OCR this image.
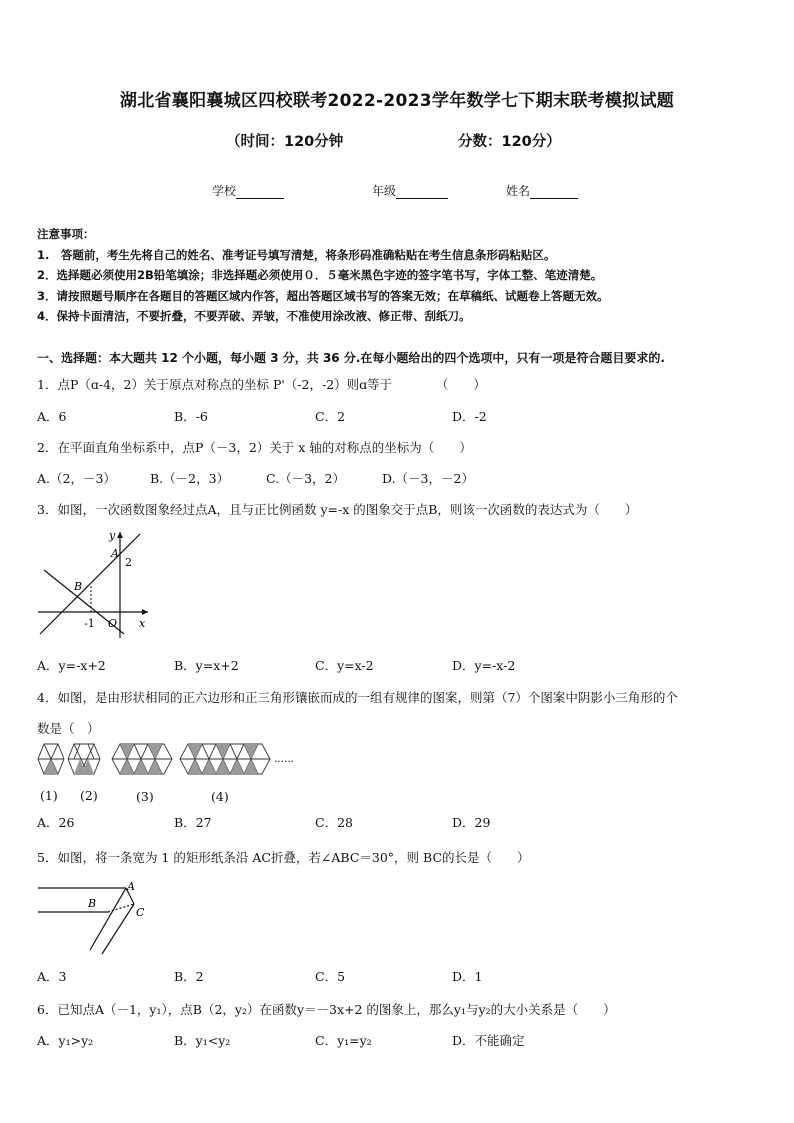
湖北省襄阳襄城区四校联考2022-2023学年数学七下期末联考模拟试题
（时间：120分钟	分数：120分）
学校	年级	姓名
注意事项：
1.　答题前，考生先将自己的姓名、准考证号填写清楚，将条形码准确粘贴在考生信息条形码粘贴区。
2．选择题必须使用2B铅笔填涂；非选择题必须使用０．５毫米黑色字迹的签字笔书写，字体工整、笔迹清楚。
3．请按照题号顺序在各题目的答题区域内作答，超出答题区域书写的答案无效；在草稿纸、试题卷上答题无效。
4．保持卡面清洁，不要折叠，不要弄破、弄皱，不准使用涂改液、修正带、刮纸刀。
一、选择题：本大题共 12 个小题，每小题 3 分，共 36 分.在每小题给出的四个选项中，只有一项是符合题目要求的.
1．点P（ɑ-4，2）关于原点对称点的坐标 P'（-2，-2）则ɑ等于　　　　（　　）
A．6	B．-6	C．2	D．-2
2．在平面直角坐标系中，点P（－3，2）关于 x 轴的对称点的坐标为（　　）
A.（2，－3）	B.（－2，3）	C.（－3，2）	D.（－3，－2）
3．如图，一次函数图象经过点A，且与正比例函数 y=-x 的图象交于点B，则该一次函数的表达式为（　　）
y
A
2
B
-1 O x
A．y=-x+2	B．y=x+2	C．y=x-2	D．y=-x-2
4．如图，是由形状相同的正六边形和正三角形镶嵌而成的一组有规律的图案，则第（7）个图案中阴影小三角形的个
数是（　）
……
(1) (2)	(3)	(4)
A．26	B．27	C．28	D．29
5．如图，将一条宽为 1 的矩形纸条沿 AC折叠，若∠ABC＝30°，则 BC的长是（　　）
A
B
C
A．3	B．2	C．5	D．1
6．已知点A（－1，y₁），点B（2，y₂）在函数y＝－3x+2 的图象上，那么y₁与y₂的大小关系是（　　）
A．y₁>y₂	B．y₁<y₂	C．y₁=y₂	D．不能确定
